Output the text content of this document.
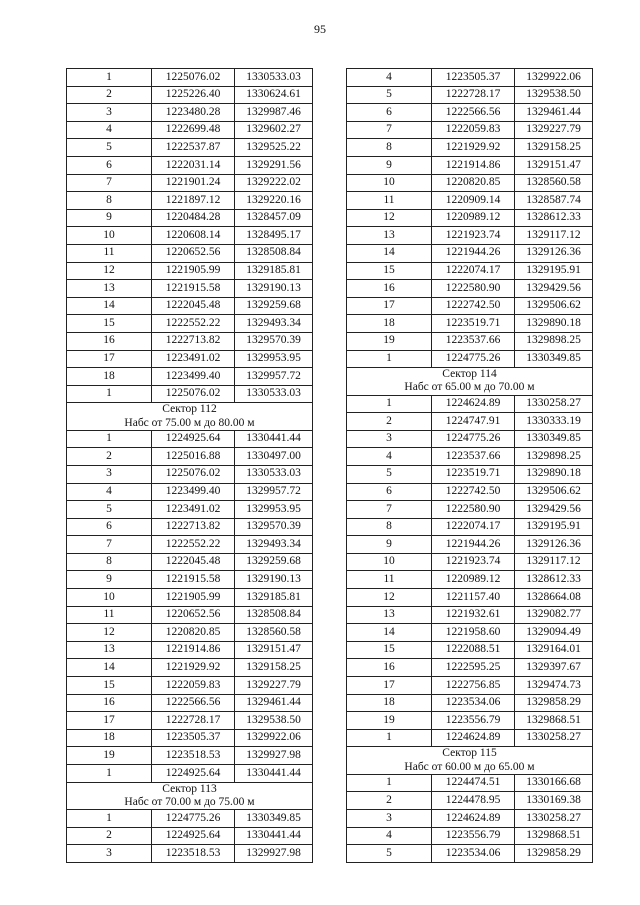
95
1	1225076.02	1330533.03
2	1225226.40	1330624.61
3	1223480.28	1329987.46
4	1222699.48	1329602.27
5	1222537.87	1329525.22
6	1222031.14	1329291.56
7	1221901.24	1329222.02
8	1221897.12	1329220.16
9	1220484.28	1328457.09
10	1220608.14	1328495.17
11	1220652.56	1328508.84
12	1221905.99	1329185.81
13	1221915.58	1329190.13
14	1222045.48	1329259.68
15	1222552.22	1329493.34
16	1222713.82	1329570.39
17	1223491.02	1329953.95
18	1223499.40	1329957.72
1	1225076.02	1330533.03

Сектор 112
Набс от 75.00 м до 80.00 м		

1	1224925.64	1330441.44
2	1225016.88	1330497.00
3	1225076.02	1330533.03
4	1223499.40	1329957.72
5	1223491.02	1329953.95
6	1222713.82	1329570.39
7	1222552.22	1329493.34
8	1222045.48	1329259.68
9	1221915.58	1329190.13
10	1221905.99	1329185.81
11	1220652.56	1328508.84
12	1220820.85	1328560.58
13	1221914.86	1329151.47
14	1221929.92	1329158.25
15	1222059.83	1329227.79
16	1222566.56	1329461.44
17	1222728.17	1329538.50
18	1223505.37	1329922.06
19	1223518.53	1329927.98
1	1224925.64	1330441.44

Сектор 113
Набс от 70.00 м до 75.00 м		

1	1224775.26	1330349.85
2	1224925.64	1330441.44
3	1223518.53	1329927.98
4	1223505.37	1329922.06
5	1222728.17	1329538.50
6	1222566.56	1329461.44
7	1222059.83	1329227.79
8	1221929.92	1329158.25
9	1221914.86	1329151.47
10	1220820.85	1328560.58
11	1220909.14	1328587.74
12	1220989.12	1328612.33
13	1221923.74	1329117.12
14	1221944.26	1329126.36
15	1222074.17	1329195.91
16	1222580.90	1329429.56
17	1222742.50	1329506.62
18	1223519.71	1329890.18
19	1223537.66	1329898.25
1	1224775.26	1330349.85

Сектор 114
Набс от 65.00 м до 70.00 м		

1	1224624.89	1330258.27
2	1224747.91	1330333.19
3	1224775.26	1330349.85
4	1223537.66	1329898.25
5	1223519.71	1329890.18
6	1222742.50	1329506.62
7	1222580.90	1329429.56
8	1222074.17	1329195.91
9	1221944.26	1329126.36
10	1221923.74	1329117.12
11	1220989.12	1328612.33
12	1221157.40	1328664.08
13	1221932.61	1329082.77
14	1221958.60	1329094.49
15	1222088.51	1329164.01
16	1222595.25	1329397.67
17	1222756.85	1329474.73
18	1223534.06	1329858.29
19	1223556.79	1329868.51
1	1224624.89	1330258.27

Сектор 115
Набс от 60.00 м до 65.00 м		

1	1224474.51	1330166.68
2	1224478.95	1330169.38
3	1224624.89	1330258.27
4	1223556.79	1329868.51
5	1223534.06	1329858.29
